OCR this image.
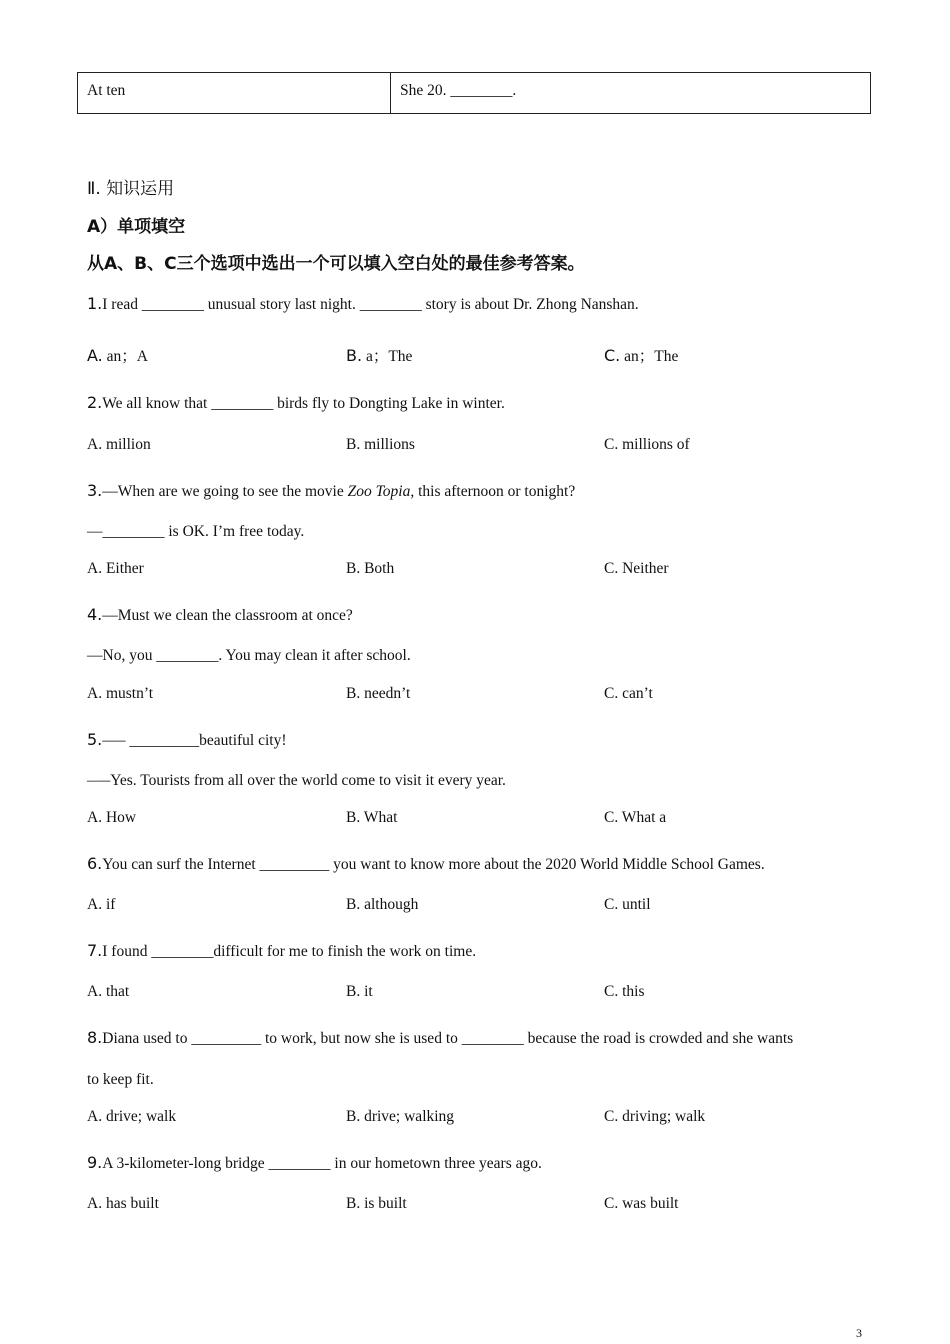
At ten	She 20. ________.
Ⅱ. 知识运用
A）单项填空
从A、B、C三个选项中选出一个可以填入空白处的最佳参考答案。
1.I read ________ unusual story last night. ________ story is about Dr. Zhong Nanshan.
A. an；A	B. a；The	C. an；The
2.We all know that ________ birds fly to Dongting Lake in winter.
A. million	B. millions	C. millions of
3.—When are we going to see the movie Zoo Topia, this afternoon or tonight?
—________ is OK. I’m free today.
A. Either	B. Both	C. Neither
4.—Must we clean the classroom at once?
—No, you ________. You may clean it after school.
A. mustn’t	B. needn’t	C. can’t
5.—– _________beautiful city!
—–Yes. Tourists from all over the world come to visit it every year.
A. How	B. What	C. What a
6.You can surf the Internet _________ you want to know more about the 2020 World Middle School Games.
A. if	B. although	C. until
7.I found ________difficult for me to finish the work on time.
A. that	B. it	C. this
8.Diana used to _________ to work, but now she is used to ________ because the road is crowded and she wants
to keep fit.
A. drive; walk	B. drive; walking	C. driving; walk
9.A 3-kilometer-long bridge ________ in our hometown three years ago.
A. has built	B. is built	C. was built
3
